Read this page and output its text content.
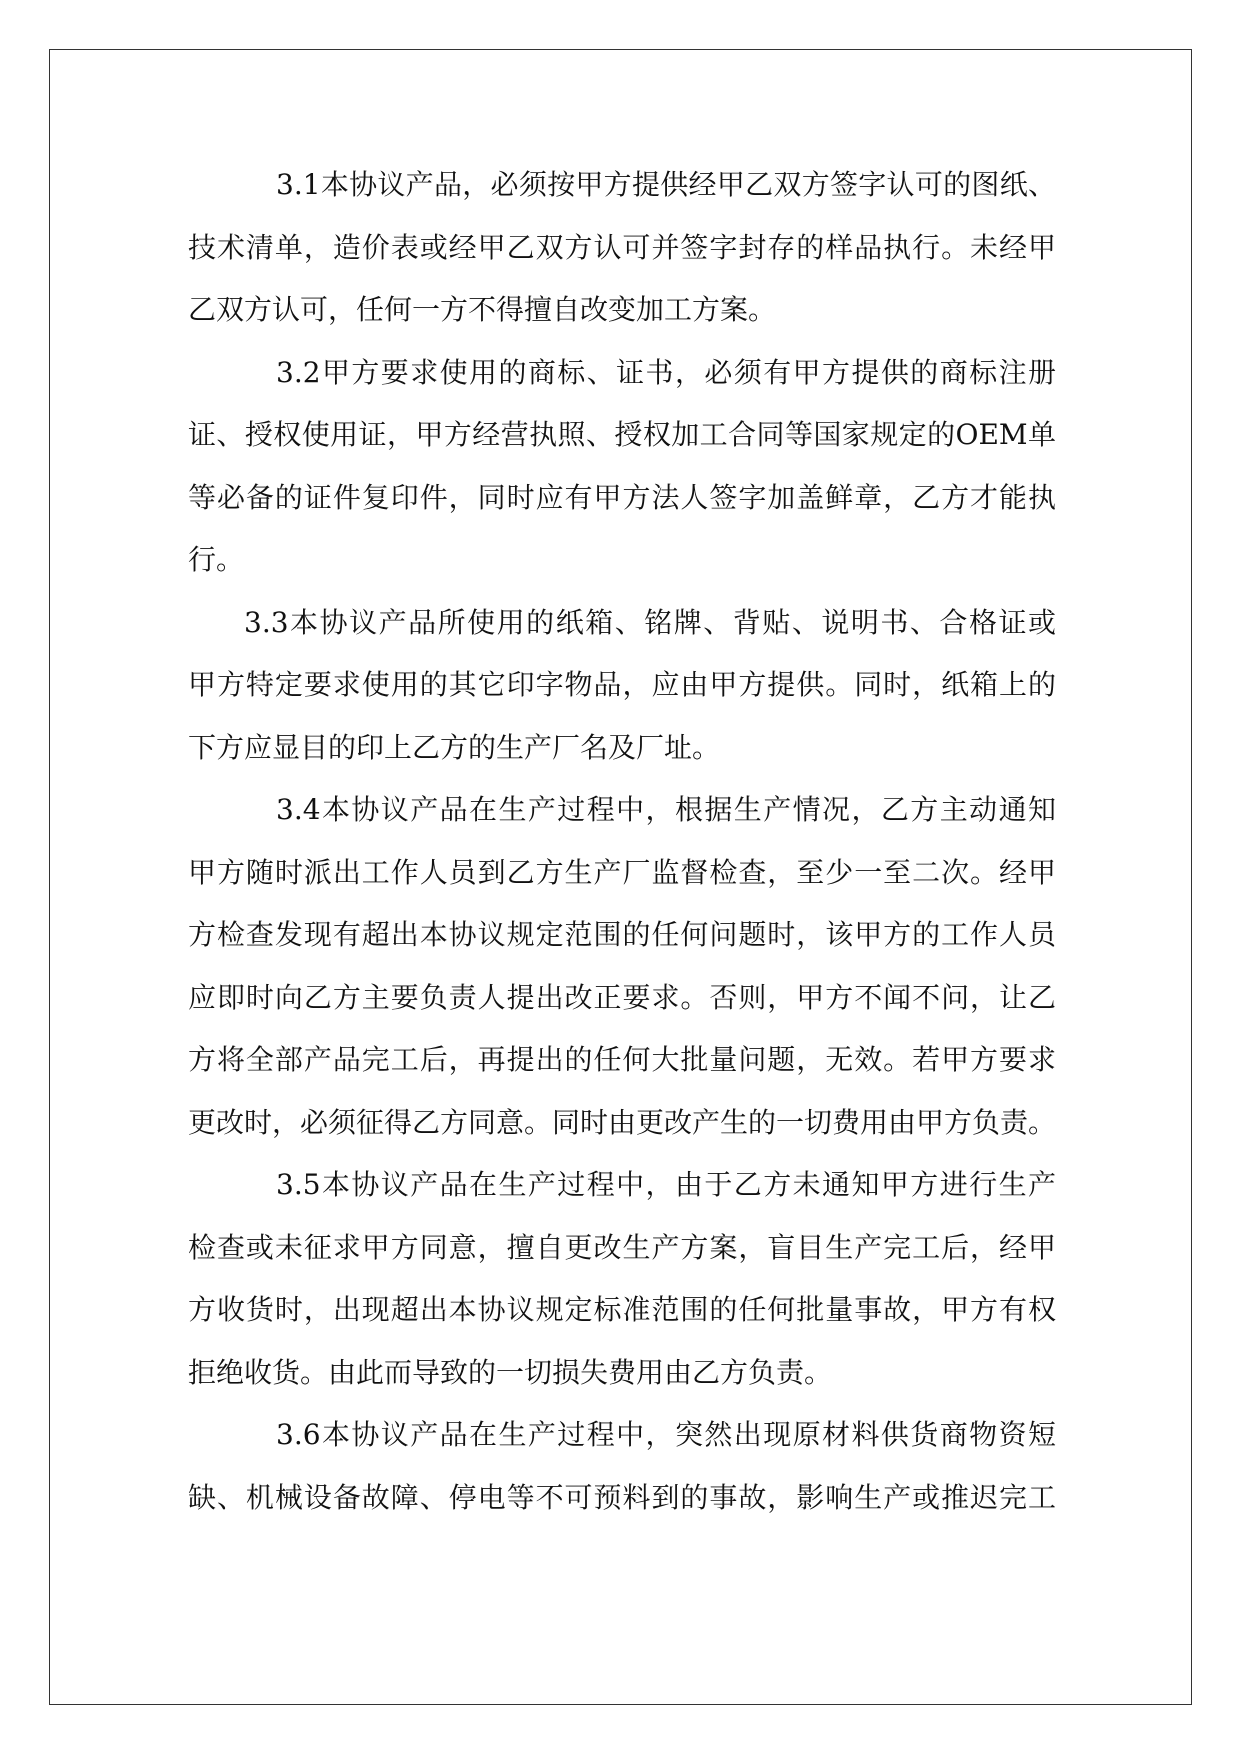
3.1本协议产品，必须按甲方提供经甲乙双方签字认可的图纸、
技术清单，造价表或经甲乙双方认可并签字封存的样品执行。未经甲
乙双方认可，任何一方不得擅自改变加工方案。
3.2甲方要求使用的商标、证书，必须有甲方提供的商标注册
证、授权使用证，甲方经营执照、授权加工合同等国家规定的OEM单
等必备的证件复印件，同时应有甲方法人签字加盖鲜章，乙方才能执
行。
3.3本协议产品所使用的纸箱、铭牌、背贴、说明书、合格证或
甲方特定要求使用的其它印字物品，应由甲方提供。同时，纸箱上的
下方应显目的印上乙方的生产厂名及厂址。
3.4本协议产品在生产过程中，根据生产情况，乙方主动通知
甲方随时派出工作人员到乙方生产厂监督检查，至少一至二次。经甲
方检查发现有超出本协议规定范围的任何问题时，该甲方的工作人员
应即时向乙方主要负责人提出改正要求。否则，甲方不闻不问，让乙
方将全部产品完工后，再提出的任何大批量问题，无效。若甲方要求
更改时，必须征得乙方同意。同时由更改产生的一切费用由甲方负责。
3.5本协议产品在生产过程中，由于乙方未通知甲方进行生产
检查或未征求甲方同意，擅自更改生产方案，盲目生产完工后，经甲
方收货时，出现超出本协议规定标准范围的任何批量事故，甲方有权
拒绝收货。由此而导致的一切损失费用由乙方负责。
3.6本协议产品在生产过程中，突然出现原材料供货商物资短
缺、机械设备故障、停电等不可预料到的事故，影响生产或推迟完工
